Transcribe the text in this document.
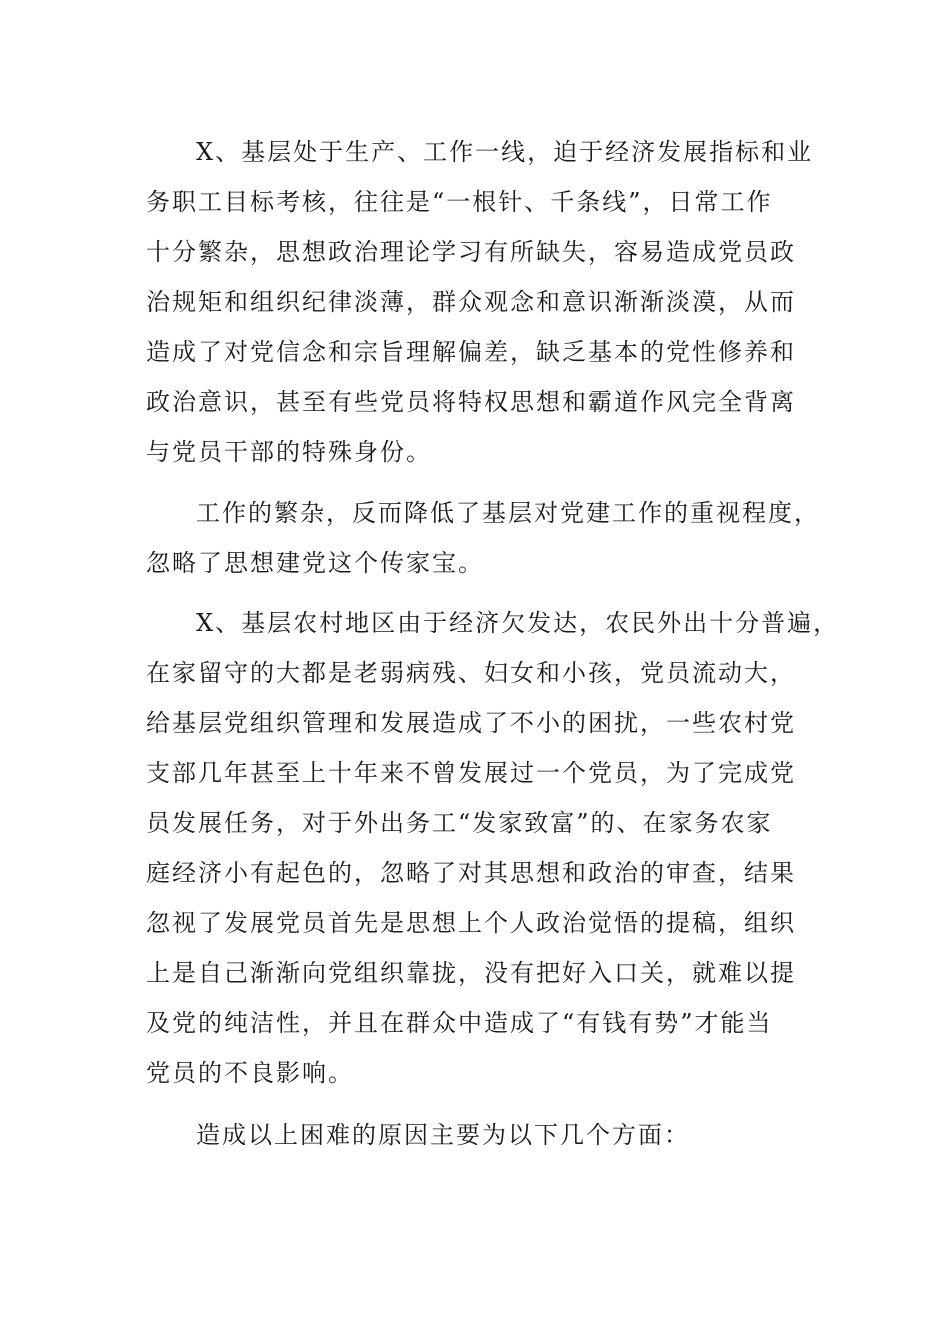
X、基层处于生产、工作一线，迫于经济发展指标和业
务职工目标考核，往往是“一根针、千条线”，日常工作
十分繁杂，思想政治理论学习有所缺失，容易造成党员政
治规矩和组织纪律淡薄，群众观念和意识渐渐淡漠，从而
造成了对党信念和宗旨理解偏差，缺乏基本的党性修养和
政治意识，甚至有些党员将特权思想和霸道作风完全背离
与党员干部的特殊身份。
工作的繁杂，反而降低了基层对党建工作的重视程度，
忽略了思想建党这个传家宝。
X、基层农村地区由于经济欠发达，农民外出十分普遍，
在家留守的大都是老弱病残、妇女和小孩，党员流动大，
给基层党组织管理和发展造成了不小的困扰，一些农村党
支部几年甚至上十年来不曾发展过一个党员，为了完成党
员发展任务，对于外出务工“发家致富”的、在家务农家
庭经济小有起色的，忽略了对其思想和政治的审查，结果
忽视了发展党员首先是思想上个人政治觉悟的提稿，组织
上是自己渐渐向党组织靠拢，没有把好入口关，就难以提
及党的纯洁性，并且在群众中造成了“有钱有势”才能当
党员的不良影响。
造成以上困难的原因主要为以下几个方面：
